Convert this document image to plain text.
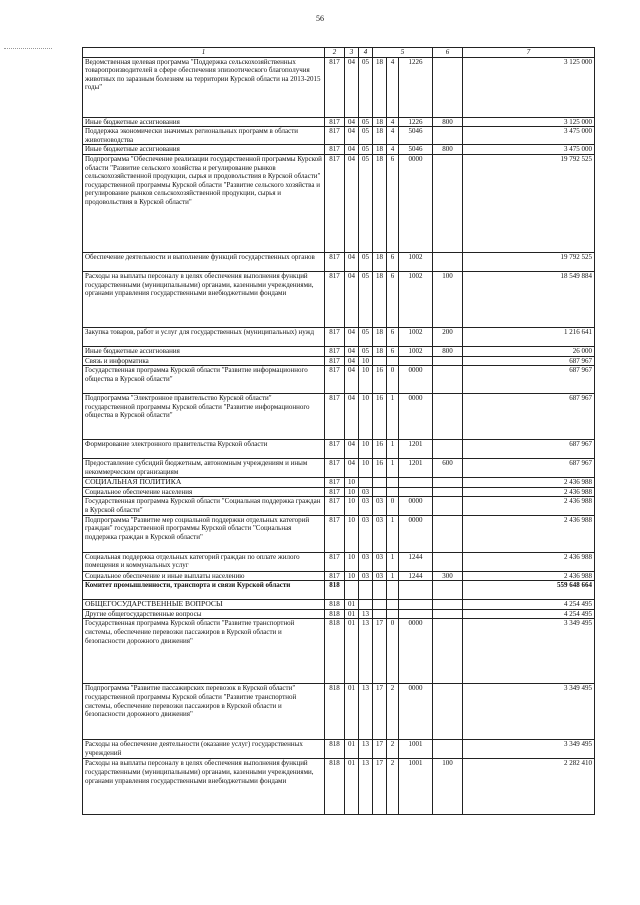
56
1	2	3	4	5			6	7
Ведомственная целевая программа "Поддержка сельскохозяйственных товаропроизводителей в сфере обеспечения эпизоотического благополучия животных по заразным болезням на территории Курской области на 2013-2015 годы"	817	04	05	18	4	1226		3 125 000
Иные бюджетные ассигнования	817	04	05	18	4	1226	800	3 125 000
Поддержка экономически значимых региональных программ в области животноводства	817	04	05	18	4	5046		3 475 000
Иные бюджетные ассигнования	817	04	05	18	4	5046	800	3 475 000
Подпрограмма "Обеспечение реализации государственной программы Курской области "Развитие сельского хозяйства и регулирование рынков сельскохозяйственной продукции, сырья и продовольствия в Курской области" государственной программы Курской области "Развитие сельского хозяйства и регулирование рынков сельскохозяйственной продукции, сырья и продовольствия в Курской области"	817	04	05	18	6	0000		19 792 525
Обеспечение деятельности и выполнение функций государственных органов	817	04	05	18	6	1002		19 792 525
Расходы на выплаты персоналу в целях обеспечения выполнения функций государственными (муниципальными) органами, казенными учреждениями, органами управления государственными внебюджетными фондами	817	04	05	18	6	1002	100	18 549 884
Закупка товаров, работ и услуг для государственных (муниципальных) нужд	817	04	05	18	6	1002	200	1 216 641
Иные бюджетные ассигнования	817	04	05	18	6	1002	800	26 000
Связь и информатика	817	04	10					687 967
Государственная программа Курской области "Развитие информационного общества в Курской области"	817	04	10	16	0	0000		687 967
Подпрограмма "Электронное правительство Курской области" государственной программы Курской области "Развитие информационного общества в Курской области"	817	04	10	16	1	0000		687 967
Формирование электронного правительства Курской области	817	04	10	16	1	1201		687 967
Предоставление субсидий бюджетным, автономным учреждениям и иным некоммерческим организациям	817	04	10	16	1	1201	600	687 967
СОЦИАЛЬНАЯ ПОЛИТИКА	817	10						2 436 988
Социальное обеспечение населения	817	10	03					2 436 988
Государственная программа Курской области "Социальная поддержка граждан в Курской области"	817	10	03	03	0	0000		2 436 988
Подпрограмма "Развитие мер социальной поддержки отдельных категорий граждан" государственной программы Курской области "Социальная поддержка граждан в Курской области"	817	10	03	03	1	0000		2 436 988
Социальная поддержка отдельных категорий граждан по оплате жилого помещения и коммунальных услуг	817	10	03	03	1	1244		2 436 988
Социальное обеспечение и иные выплаты населению	817	10	03	03	1	1244	300	2 436 988
Комитет промышленности, транспорта и связи Курской области	818							559 648 664
ОБЩЕГОСУДАРСТВЕННЫЕ ВОПРОСЫ	818	01						4 254 495
Другие общегосударственные вопросы	818	01	13					4 254 495
Государственная программа Курской области "Развитие транспортной системы, обеспечение перевозки пассажиров в Курской области и безопасности дорожного движения"	818	01	13	17	0	0000		3 349 495
Подпрограмма "Развитие пассажирских перевозок в Курской области" государственной программы Курской области "Развитие транспортной системы, обеспечение перевозки пассажиров в Курской области и безопасности дорожного движения"	818	01	13	17	2	0000		3 349 495
Расходы на обеспечение деятельности (оказание услуг) государственных учреждений	818	01	13	17	2	1001		3 349 495
Расходы на выплаты персоналу в целях обеспечения выполнения функций государственными (муниципальными) органами, казенными учреждениями, органами управления государственными внебюджетными фондами	818	01	13	17	2	1001	100	2 282 410
